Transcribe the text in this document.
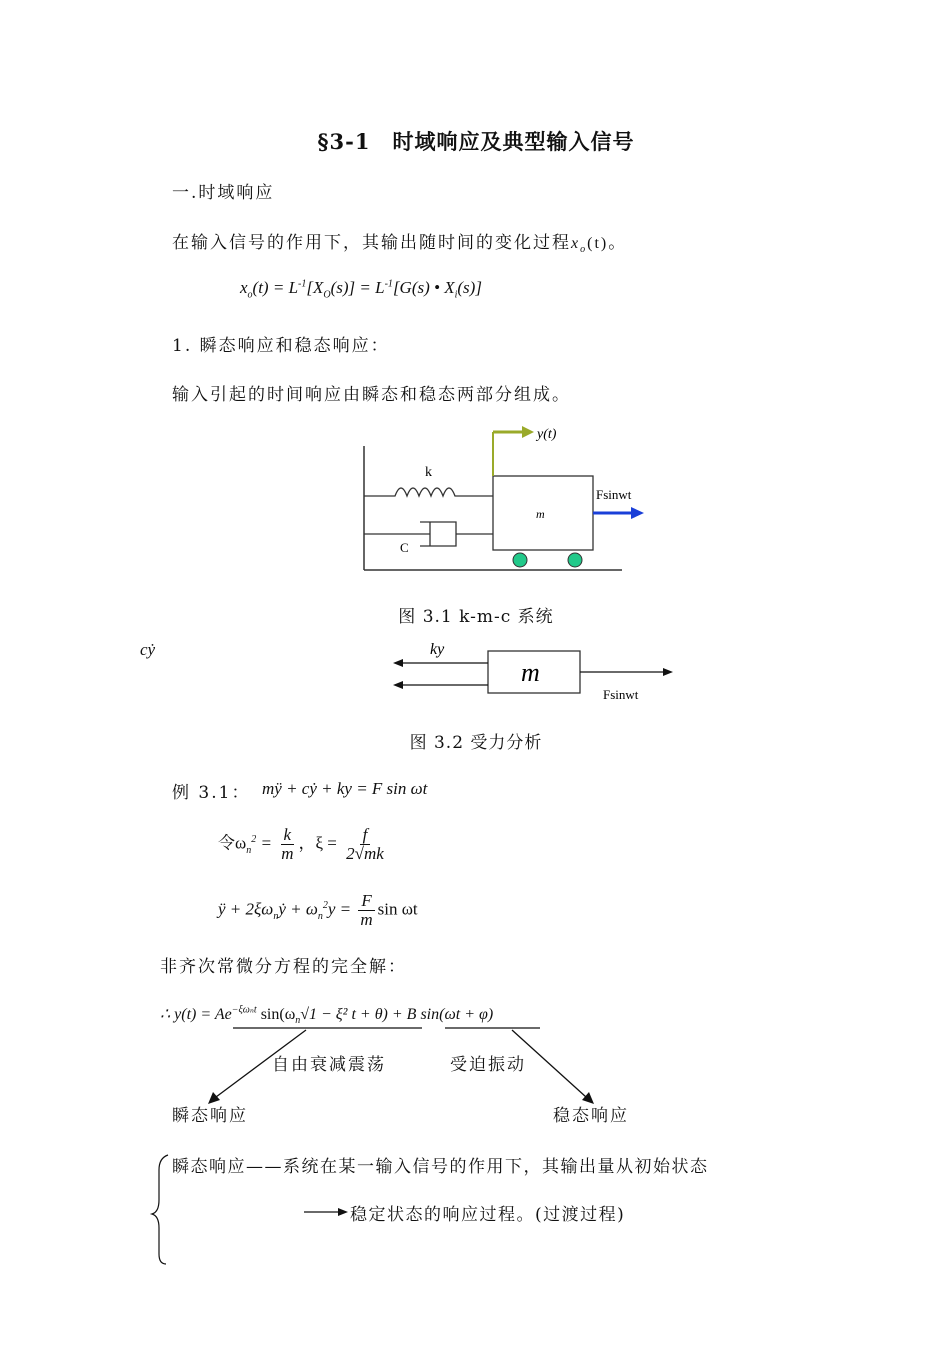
§3-1　时域响应及典型输入信号
一.时域响应
在输入信号的作用下，其输出随时间的变化过程$x_o(t)$。
$x_o(t) = L^{-1}[X_O(s)] = L^{-1}[G(s)$ • $X_i(s)$]
1. 瞬态响应和稳态响应：
输入引起的时间响应由瞬态和稳态两部分组成。
k
C
m
y(t)
Fsinwt
图 3.1 k-m-c 系统
cẏ	ky
m
Fsinwt
图 3.2 受力分析
例 3.1： mÿ + cẏ + ky = F sin ωt
令$\omega_n^2 = \frac{k}{m}$ ，$\xi = \frac{f}{2√mk}$
ÿ + $2\xi\omega_nẏ + \omega_n^2y = \frac{F}{m}$ sin ωt
非齐次常微分方程的完全解：
∴ $y(t) = Ae^{-\xi\omega_nt}$ $\sin(\omega_n√1 - \xi^2$ t + θ) + B sin(ωt + φ)
自由衰减震荡	受迫振动
瞬态响应	稳态响应
瞬态响应——系统在某一输入信号的作用下，其输出量从初始状态
稳定状态的响应过程。(过渡过程)
